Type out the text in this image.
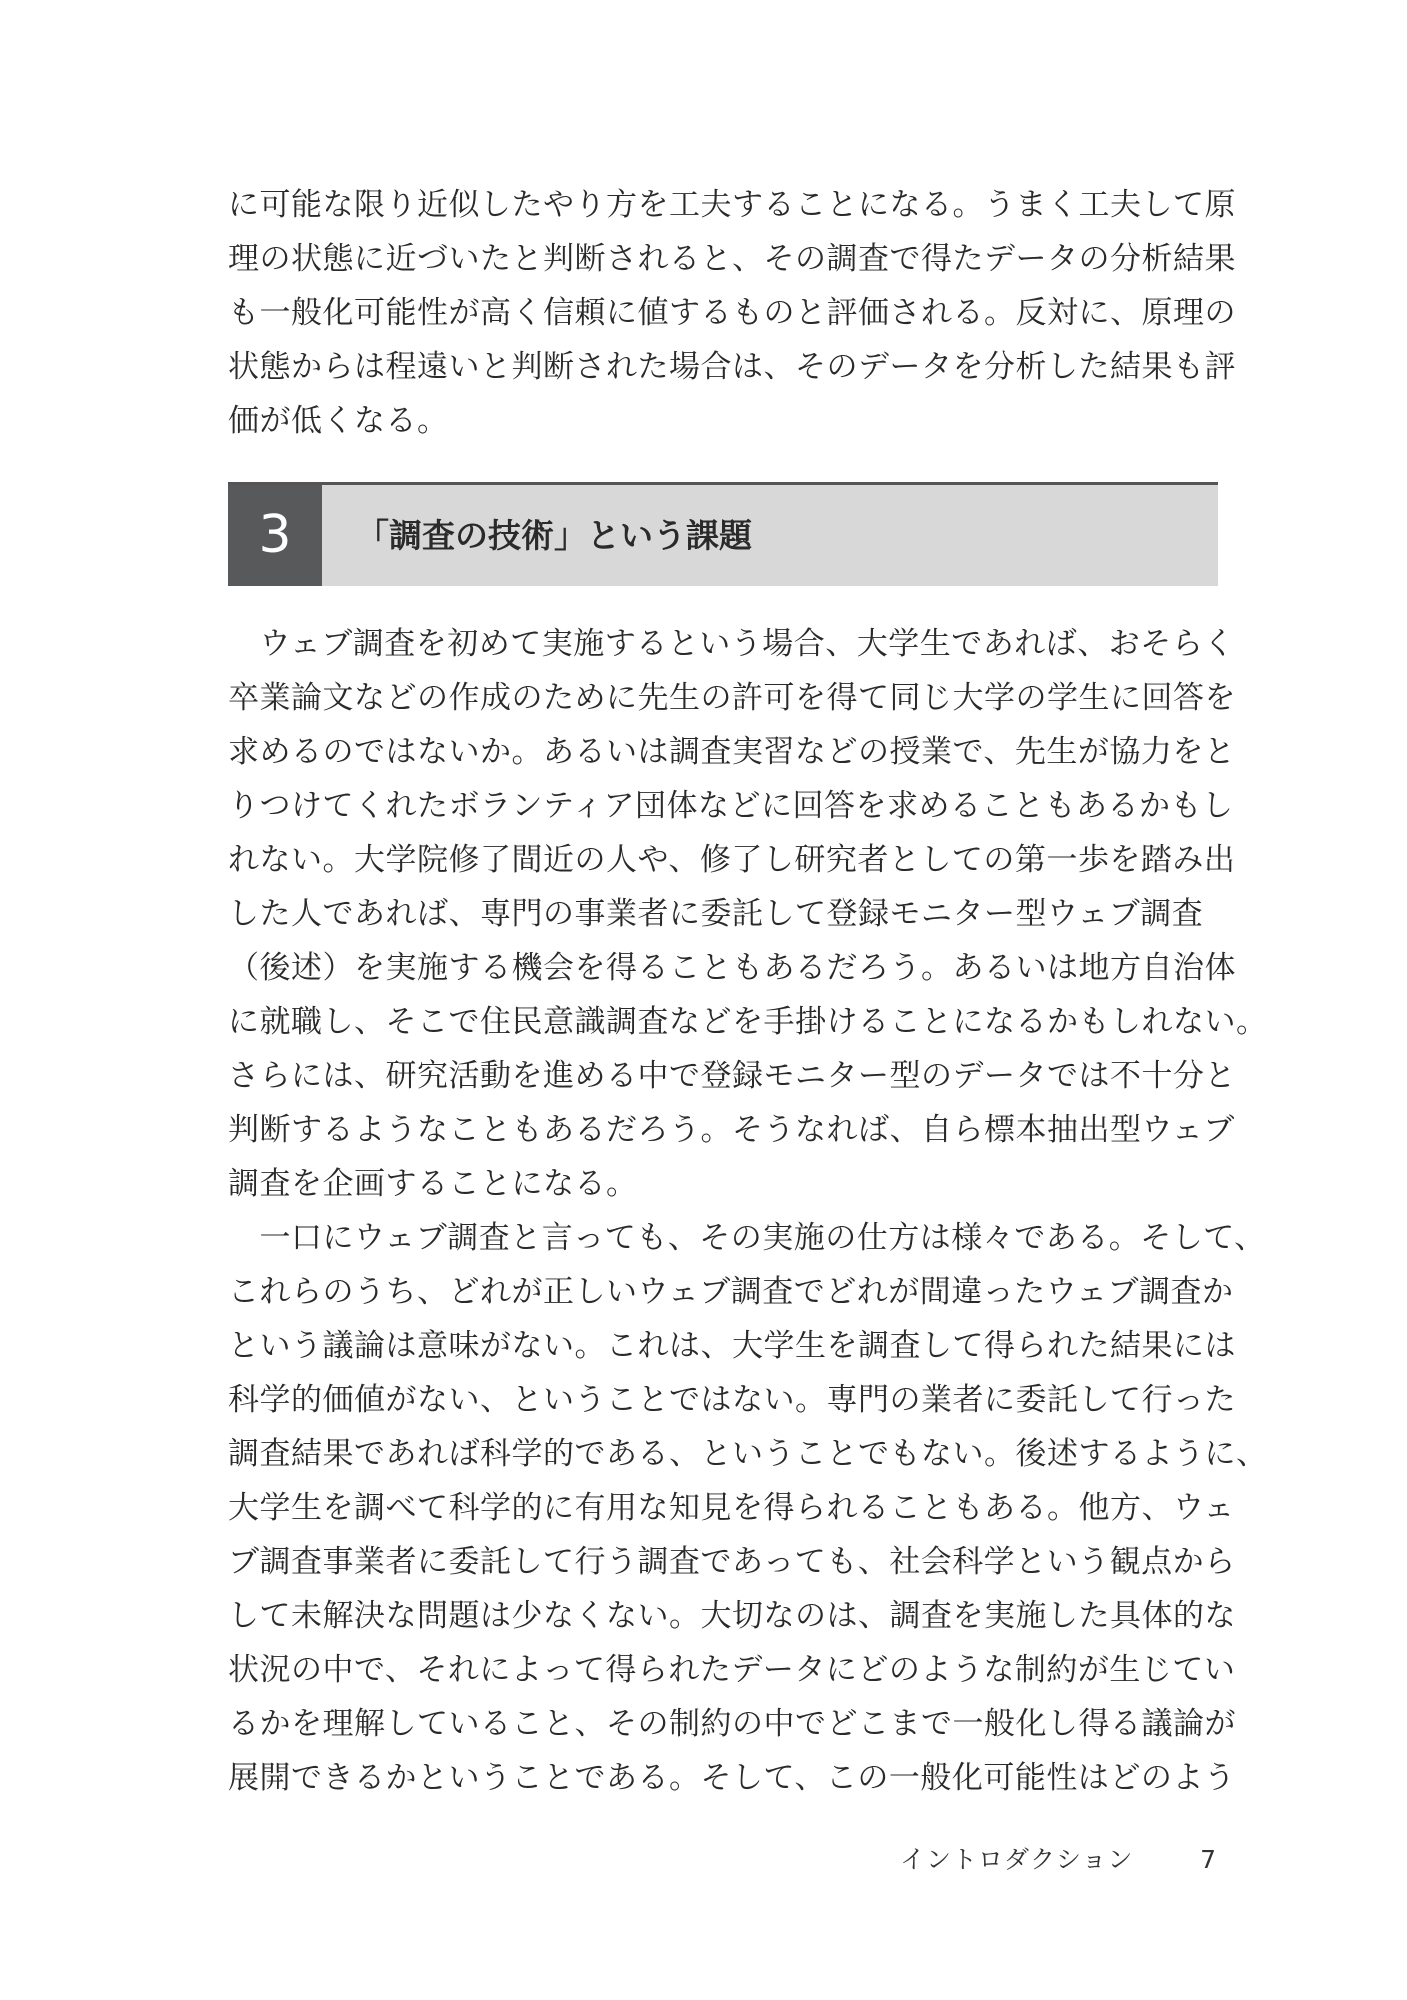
に可能な限り近似したやり方を工夫することになる。うまく工夫して原
理の状態に近づいたと判断されると、その調査で得たデータの分析結果
も一般化可能性が高く信頼に値するものと評価される。反対に、原理の
状態からは程遠いと判断された場合は、そのデータを分析した結果も評
価が低くなる。
3	「調査の技術」という課題
　ウェブ調査を初めて実施するという場合、大学生であれば、おそらく
卒業論文などの作成のために先生の許可を得て同じ大学の学生に回答を
求めるのではないか。あるいは調査実習などの授業で、先生が協力をと
りつけてくれたボランティア団体などに回答を求めることもあるかもし
れない。大学院修了間近の人や、修了し研究者としての第一歩を踏み出
した人であれば、専門の事業者に委託して登録モニター型ウェブ調査
（後述）を実施する機会を得ることもあるだろう。あるいは地方自治体
に就職し、そこで住民意識調査などを手掛けることになるかもしれない。
さらには、研究活動を進める中で登録モニター型のデータでは不十分と
判断するようなこともあるだろう。そうなれば、自ら標本抽出型ウェブ
調査を企画することになる。
　一口にウェブ調査と言っても、その実施の仕方は様々である。そして、
これらのうち、どれが正しいウェブ調査でどれが間違ったウェブ調査か
という議論は意味がない。これは、大学生を調査して得られた結果には
科学的価値がない、ということではない。専門の業者に委託して行った
調査結果であれば科学的である、ということでもない。後述するように、
大学生を調べて科学的に有用な知見を得られることもある。他方、ウェ
ブ調査事業者に委託して行う調査であっても、社会科学という観点から
して未解決な問題は少なくない。大切なのは、調査を実施した具体的な
状況の中で、それによって得られたデータにどのような制約が生じてい
るかを理解していること、その制約の中でどこまで一般化し得る議論が
展開できるかということである。そして、この一般化可能性はどのよう
イントロダクション	7
